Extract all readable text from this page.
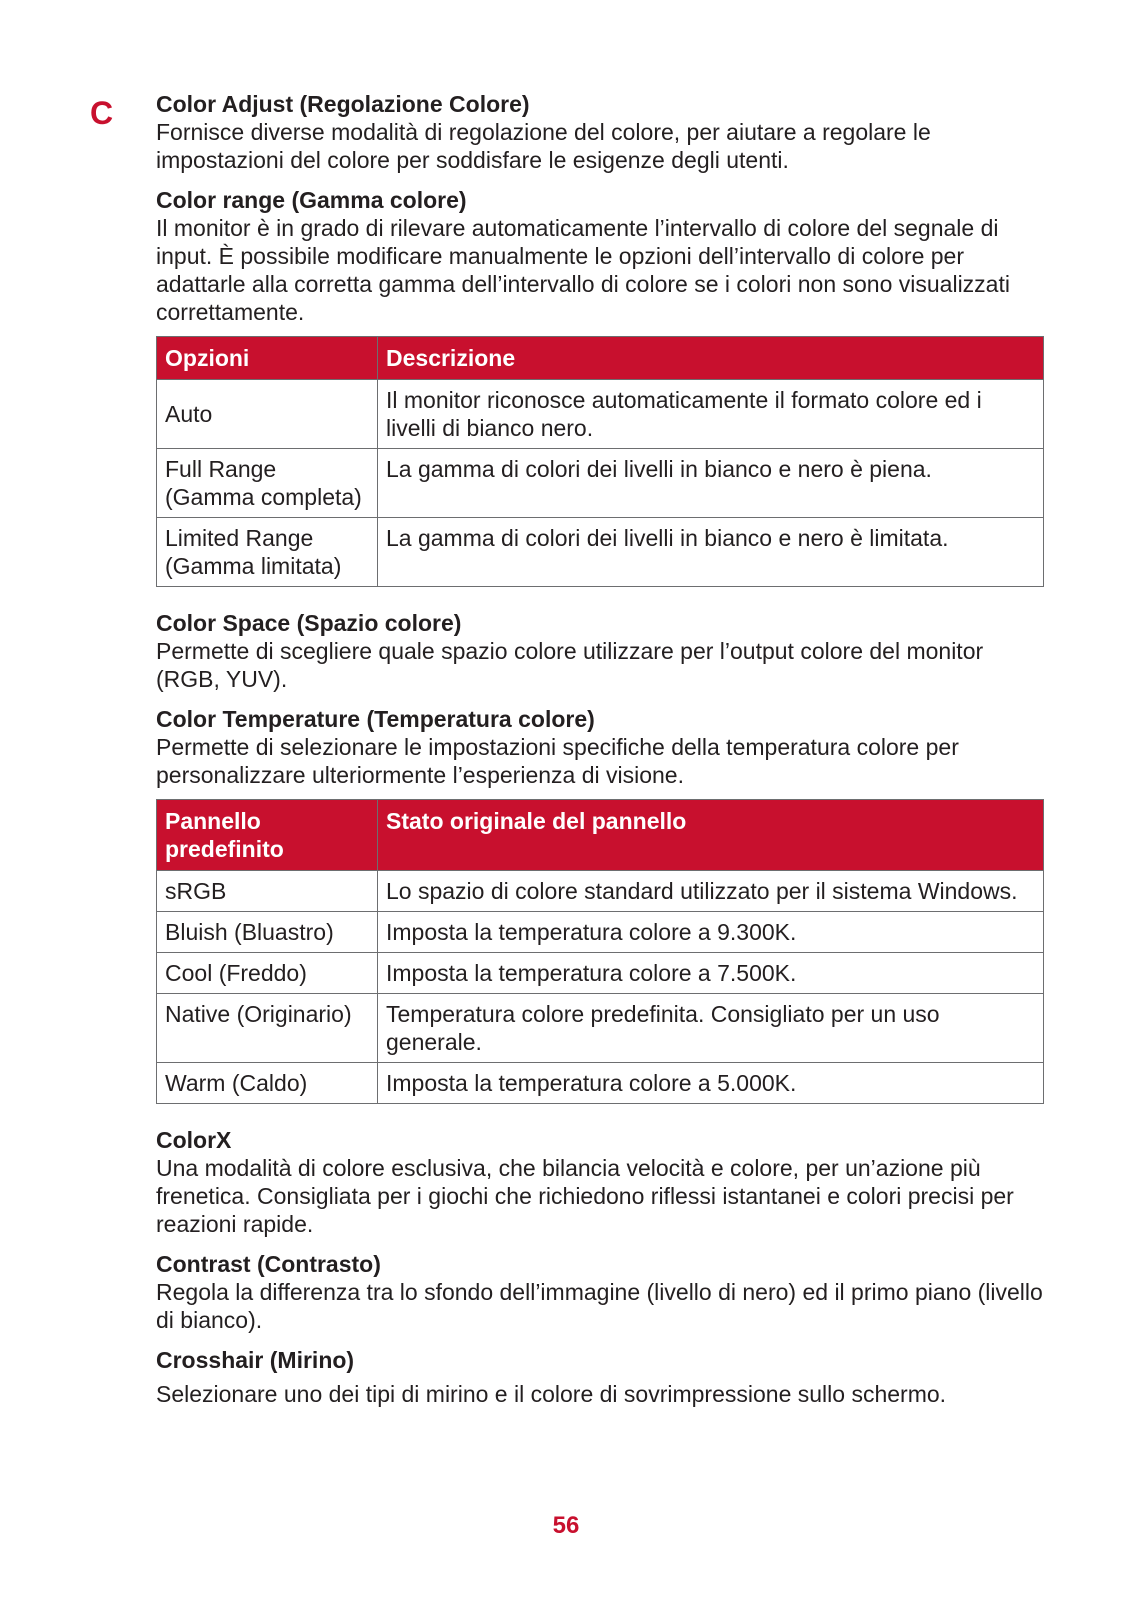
C Color Adjust (Regolazione Colore)

Fornisce diverse modalità di regolazione del colore, per aiutare a regolare le impostazioni del colore per soddisfare le esigenze degli utenti.

Color range (Gamma colore)

Il monitor è in grado di rilevare automaticamente l’intervallo di colore del segnale di input. È possibile modificare manualmente le opzioni dell’intervallo di colore per adattarle alla corretta gamma dell’intervallo di colore se i colori non sono visualizzati correttamente.

Opzioni	Descrizione
Auto	Il monitor riconosce automaticamente il formato colore ed i livelli di bianco nero.
Full Range (Gamma completa)	La gamma di colori dei livelli in bianco e nero è piena.
Limited Range (Gamma limitata)	La gamma di colori dei livelli in bianco e nero è limitata.
Color Space (Spazio colore)

Permette di scegliere quale spazio colore utilizzare per l’output colore del monitor (RGB, YUV).

Color Temperature (Temperatura colore)

Permette di selezionare le impostazioni specifiche della temperatura colore per personalizzare ulteriormente l’esperienza di visione.

Pannello predefinito	Stato originale del pannello
sRGB	Lo spazio di colore standard utilizzato per il sistema Windows.
Bluish (Bluastro)	Imposta la temperatura colore a 9.300K.
Cool (Freddo)	Imposta la temperatura colore a 7.500K.
Native (Originario)	Temperatura colore predefinita. Consigliato per un uso generale.
Warm (Caldo)	Imposta la temperatura colore a 5.000K.
ColorX

Una modalità di colore esclusiva, che bilancia velocità e colore, per un’azione più frenetica. Consigliata per i giochi che richiedono riflessi istantanei e colori precisi per reazioni rapide.

Contrast (Contrasto)

Regola la differenza tra lo sfondo dell’immagine (livello di nero) ed il primo piano (livello di bianco).

Crosshair (Mirino)

Selezionare uno dei tipi di mirino e il colore di sovrimpressione sullo schermo.

56
